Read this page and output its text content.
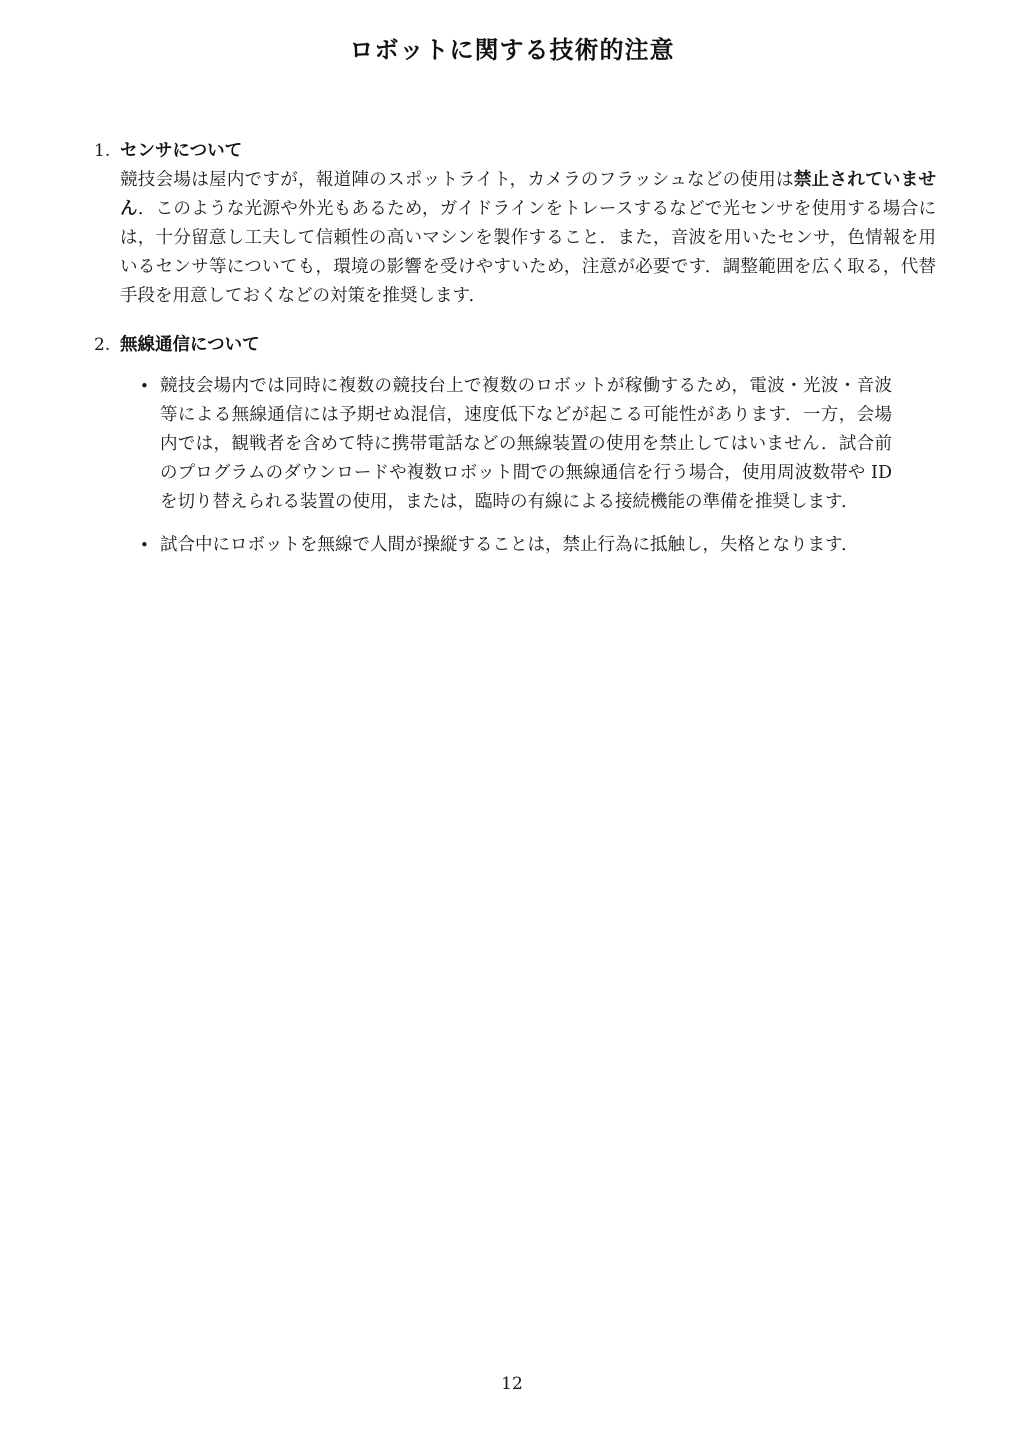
ロボットに関する技術的注意
1. センサについて

競技会場は屋内ですが，報道陣のスポットライト，カメラのフラッシュなどの使用は禁止されていません．このような光源や外光もあるため，ガイドラインをトレースするなどで光センサを使用する場合には，十分留意し工夫して信頼性の高いマシンを製作すること．また，音波を用いたセンサ，色情報を用いるセンサ等についても，環境の影響を受けやすいため，注意が必要です．調整範囲を広く取る，代替手段を用意しておくなどの対策を推奨します．

2. 無線通信について
• 競技会場内では同時に複数の競技台上で複数のロボットが稼働するため，電波・光波・音波等による無線通信には予期せぬ混信，速度低下などが起こる可能性があります．一方，会場内では，観戦者を含めて特に携帯電話などの無線装置の使用を禁止してはいません．試合前のプログラムのダウンロードや複数ロボット間での無線通信を行う場合，使用周波数帯や ID を切り替えられる装置の使用，または，臨時の有線による接続機能の準備を推奨します．
• 試合中にロボットを無線で人間が操縦することは，禁止行為に抵触し，失格となります．
12
